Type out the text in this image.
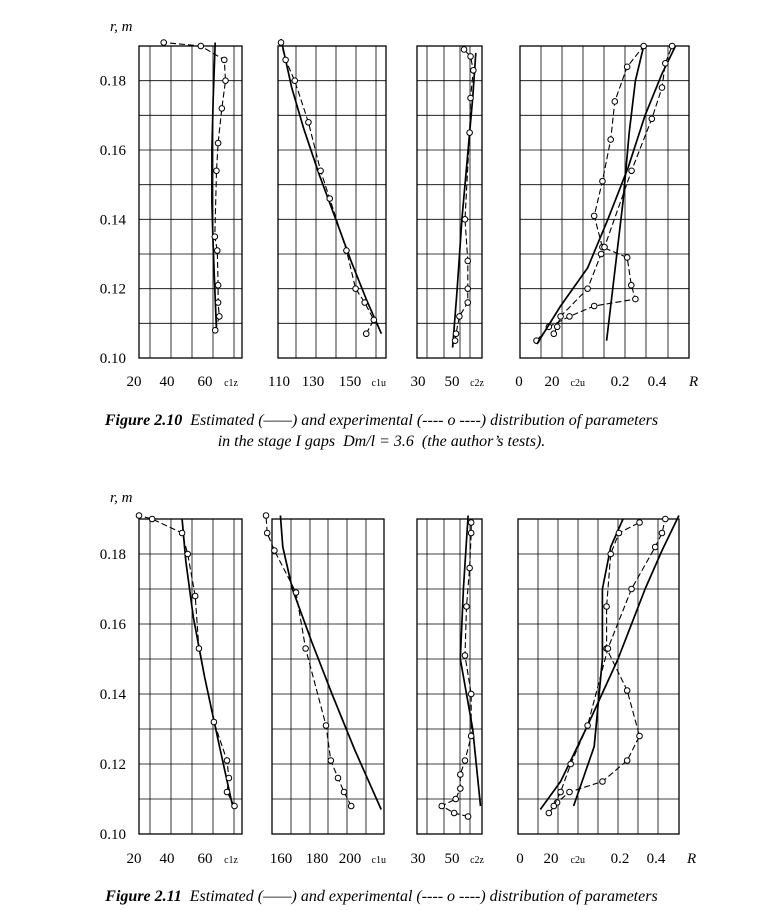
r, m
0.10
0.12
0.14
0.16
0.18
20 40 60 c1z 110 130 150 c1u 30 50 c2z 0 20 c2u 0.2 0.4 R
r, m
0.10
0.12
0.14
0.16
0.18
20 40 60 c1z 160 180 200 c1u 30 50 c2z 0 20 c2u 0.2 0.4 R
Figure 2.10 Estimated (——) and experimental (---- o ----) distribution of parameters
in the stage I gaps Dm/l = 3.6 (the author’s tests).
Figure 2.11 Estimated (——) and experimental (---- o ----) distribution of parameters
